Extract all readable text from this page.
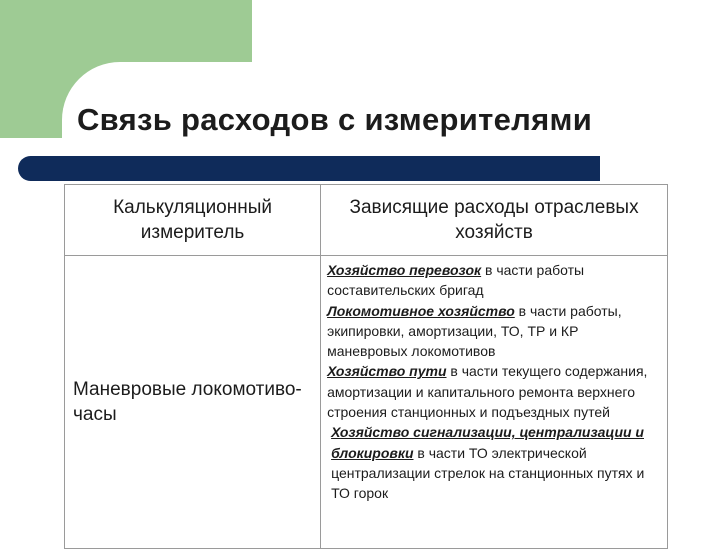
Связь расходов с измерителями
Калькуляционный измеритель	Зависящие расходы отраслевых хозяйств
Маневровые локомотиво-часы	Хозяйство перевозок в части работы составительских бригад
Локомотивное хозяйство в части работы, экипировки, амортизации, ТО, ТР и КР маневровых локомотивов
Хозяйство пути в части текущего содержания, амортизации и капитального ремонта верхнего строения станционных и подъездных путей
Хозяйство сигнализации, централизации и блокировки в части ТО электрической централизации стрелок на станционных путях и ТО горок
